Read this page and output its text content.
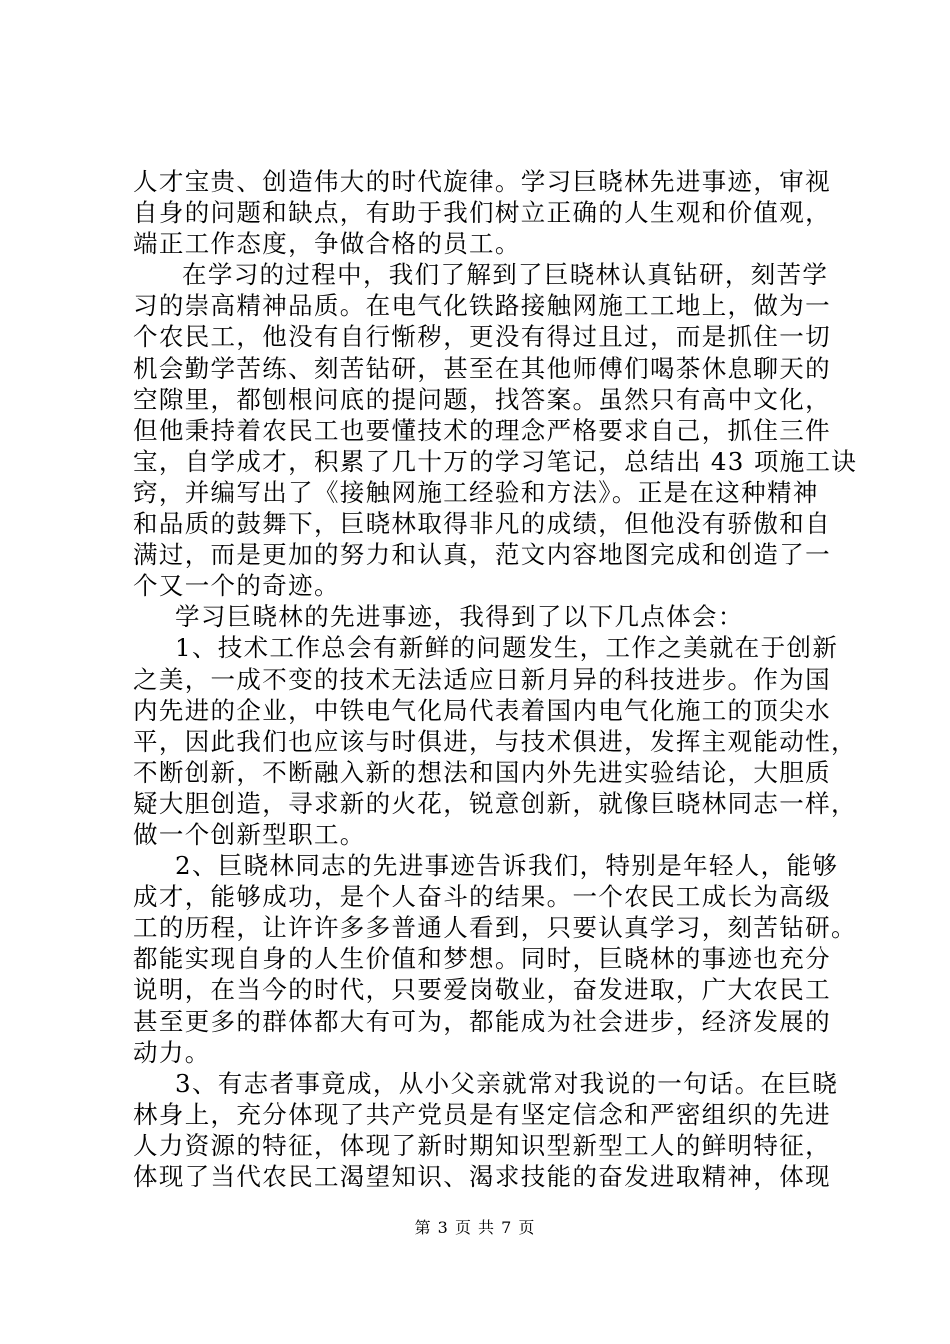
人才宝贵、创造伟大的时代旋律。学习巨晓林先进事迹，审视
自身的问题和缺点，有助于我们树立正确的人生观和价值观，
端正工作态度，争做合格的员工。
在学习的过程中，我们了解到了巨晓林认真钻研，刻苦学
习的崇高精神品质。在电气化铁路接触网施工工地上，做为一
个农民工，他没有自行惭秽，更没有得过且过，而是抓住一切
机会勤学苦练、刻苦钻研，甚至在其他师傅们喝茶休息聊天的
空隙里，都刨根问底的提问题，找答案。虽然只有高中文化，
但他秉持着农民工也要懂技术的理念严格要求自己，抓住三件
宝，自学成才，积累了几十万的学习笔记，总结出 43 项施工诀
窍，并编写出了《接触网施工经验和方法》。正是在这种精神
和品质的鼓舞下，巨晓林取得非凡的成绩，但他没有骄傲和自
满过，而是更加的努力和认真，范文内容地图完成和创造了一
个又一个的奇迹。
学习巨晓林的先进事迹，我得到了以下几点体会：
1、技术工作总会有新鲜的问题发生，工作之美就在于创新
之美，一成不变的技术无法适应日新月异的科技进步。作为国
内先进的企业，中铁电气化局代表着国内电气化施工的顶尖水
平，因此我们也应该与时俱进，与技术俱进，发挥主观能动性，
不断创新，不断融入新的想法和国内外先进实验结论，大胆质
疑大胆创造，寻求新的火花，锐意创新，就像巨晓林同志一样，
做一个创新型职工。
2、巨晓林同志的先进事迹告诉我们，特别是年轻人，能够
成才，能够成功，是个人奋斗的结果。一个农民工成长为高级
工的历程，让许许多多普通人看到，只要认真学习，刻苦钻研。
都能实现自身的人生价值和梦想。同时，巨晓林的事迹也充分
说明，在当今的时代，只要爱岗敬业，奋发进取，广大农民工
甚至更多的群体都大有可为，都能成为社会进步，经济发展的
动力。
3、有志者事竟成，从小父亲就常对我说的一句话。在巨晓
林身上，充分体现了共产党员是有坚定信念和严密组织的先进
人力资源的特征，体现了新时期知识型新型工人的鲜明特征，
体现了当代农民工渴望知识、渴求技能的奋发进取精神，体现
第 3 页 共 7 页
